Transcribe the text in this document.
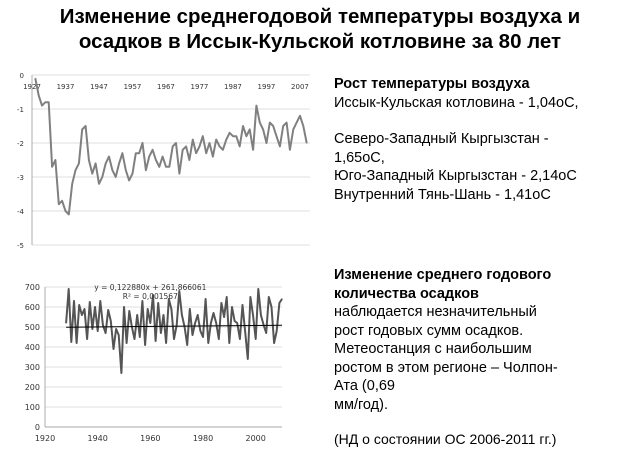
Изменение среднегодовой температуры воздуха и
осадков в Иссык-Кульской котловине за 80 лет
0
-1
-2
-3
-4
-5
1927 1937 1947 1957 1967 1977 1987 1997 2007
0
100
200
300
400
500
600
700
1920	1940	1960	1980	2000
y = 0,122880x + 261,866061
R² = 0,001567
Рост температуры воздуха
Иссык-Кульская котловина - 1,04оС,
Северо-Западный Кыргызстан -
1,65оС,
Юго-Западный Кыргызстан - 2,14оС
Внутренний Тянь-Шань - 1,41оС
Изменение среднего годового
количества осадков
наблюдается незначительный
рост годовых сумм осадков.
Метеостанция с наибольшим
ростом в этом регионе – Чолпон-
Ата (0,69
мм/год).
(НД о состоянии ОС 2006-2011 гг.)
